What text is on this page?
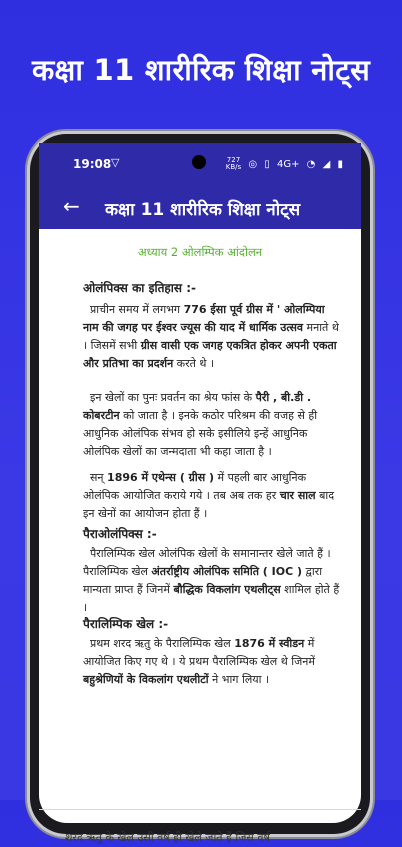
कक्षा 11 शारीरिक शिक्षा नोट्स
19:08 ▽	727
KB/s ◎ ▯ 4G+ ◔ ◢ ▮
← कक्षा 11 शारीरिक शिक्षा नोट्स
अध्याय 2 ओलम्पिक आंदोलन
ओलंपिक्स का इतिहास :-

प्राचीन समय में लगभग 776 ईसा पूर्व ग्रीस में ' ओलम्पिया नाम की जगह पर ईश्वर ज्यूस की याद में धार्मिक उत्सव मनाते थे । जिसमें सभी ग्रीस वासी एक जगह एकत्रित होकर अपनी एकता और प्रतिभा का प्रदर्शन करते थे ।

इन खेलों का पुनः प्रवर्तन का श्रेय फांस के पैरी , बी.डी . कोबरटीन को जाता है । इनके कठोर परिश्रम की वजह से ही आधुनिक ओलंपिक संभव हो सके इसीलिये इन्हें आधुनिक ओलंपिक खेलों का जन्मदाता भी कहा जाता है ।

सन् 1896 में एथेन्स ( ग्रीस ) में पहली बार आधुनिक ओलंपिक आयोजित कराये गये । तब अब तक हर चार साल बाद इन खेनों का आयोजन होता हैं ।

पैराओलंपिक्स :-

पैरालिम्पिक खेल ओलंपिक खेलों के समानान्तर खेले जाते हैं । पैरालिम्पिक खेल अंतर्राष्ट्रीय ओलंपिक समिति ( IOC ) द्वारा मान्यता प्राप्त हैं जिनमें बौद्धिक विकलांग एथलीट्स शामिल होते हैं ।

पैरालिम्पिक खेल :-

प्रथम शरद ऋतु के पैरालिम्पिक खेल 1876 में स्वीडन में आयोजित किए गए थे । ये प्रथम पैरालिम्पिक खेल थे जिनमें बहुश्रेणियों के विकलांग एथलीटों ने भाग लिया ।

शरद ऋतु के खेल उसी वर्ष ही खेले जाते हैं जिस वर्ष
